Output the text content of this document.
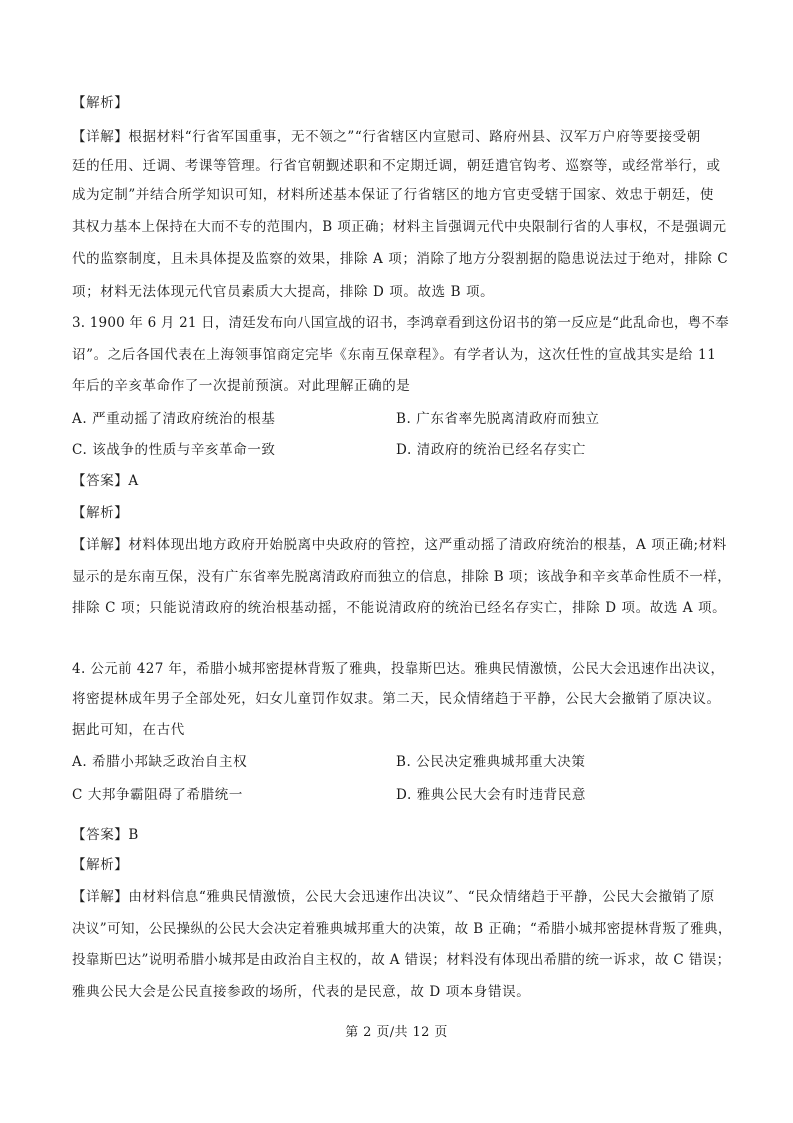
【解析】
【详解】根据材料“行省军国重事，无不领之”“行省辖区内宣慰司、路府州县、汉军万户府等要接受朝
廷的任用、迁调、考课等管理。行省官朝觐述职和不定期迁调，朝廷遣官钩考、巡察等，或经常举行，或
成为定制”并结合所学知识可知，材料所述基本保证了行省辖区的地方官吏受辖于国家、效忠于朝廷，使
其权力基本上保持在大而不专的范围内，B 项正确；材料主旨强调元代中央限制行省的人事权，不是强调元
代的监察制度，且未具体提及监察的效果，排除 A 项；消除了地方分裂割据的隐患说法过于绝对，排除 C
项；材料无法体现元代官员素质大大提高，排除 D 项。故选 B 项。
3. 1900 年 6 月 21 日，清廷发布向八国宣战的诏书，李鸿章看到这份诏书的第一反应是“此乱命也，粤不奉
诏”。之后各国代表在上海领事馆商定完毕《东南互保章程》。有学者认为，这次任性的宣战其实是给 11
年后的辛亥革命作了一次提前预演。对此理解正确的是
A. 严重动摇了清政府统治的根基	B. 广东省率先脱离清政府而独立
C. 该战争的性质与辛亥革命一致	D. 清政府的统治已经名存实亡
【答案】A
【解析】
【详解】材料体现出地方政府开始脱离中央政府的管控，这严重动摇了清政府统治的根基，A 项正确;材料
显示的是东南互保，没有广东省率先脱离清政府而独立的信息，排除 B 项；该战争和辛亥革命性质不一样，
排除 C 项；只能说清政府的统治根基动摇，不能说清政府的统治已经名存实亡，排除 D 项。故选 A 项。
4. 公元前 427 年，希腊小城邦密提林背叛了雅典，投靠斯巴达。雅典民情激愤，公民大会迅速作出决议，
将密提林成年男子全部处死，妇女儿童罚作奴隶。第二天，民众情绪趋于平静，公民大会撤销了原决议。
据此可知，在古代
A. 希腊小邦缺乏政治自主权	B. 公民决定雅典城邦重大决策
C 大邦争霸阻碍了希腊统一	D. 雅典公民大会有时违背民意
【答案】B
【解析】
【详解】由材料信息“雅典民情激愤，公民大会迅速作出决议”、“民众情绪趋于平静，公民大会撤销了原
决议”可知，公民操纵的公民大会决定着雅典城邦重大的决策，故 B 正确；“希腊小城邦密提林背叛了雅典，
投靠斯巴达”说明希腊小城邦是由政治自主权的，故 A 错误；材料没有体现出希腊的统一诉求，故 C 错误；
雅典公民大会是公民直接参政的场所，代表的是民意，故 D 项本身错误。
第 2 页/共 12 页
